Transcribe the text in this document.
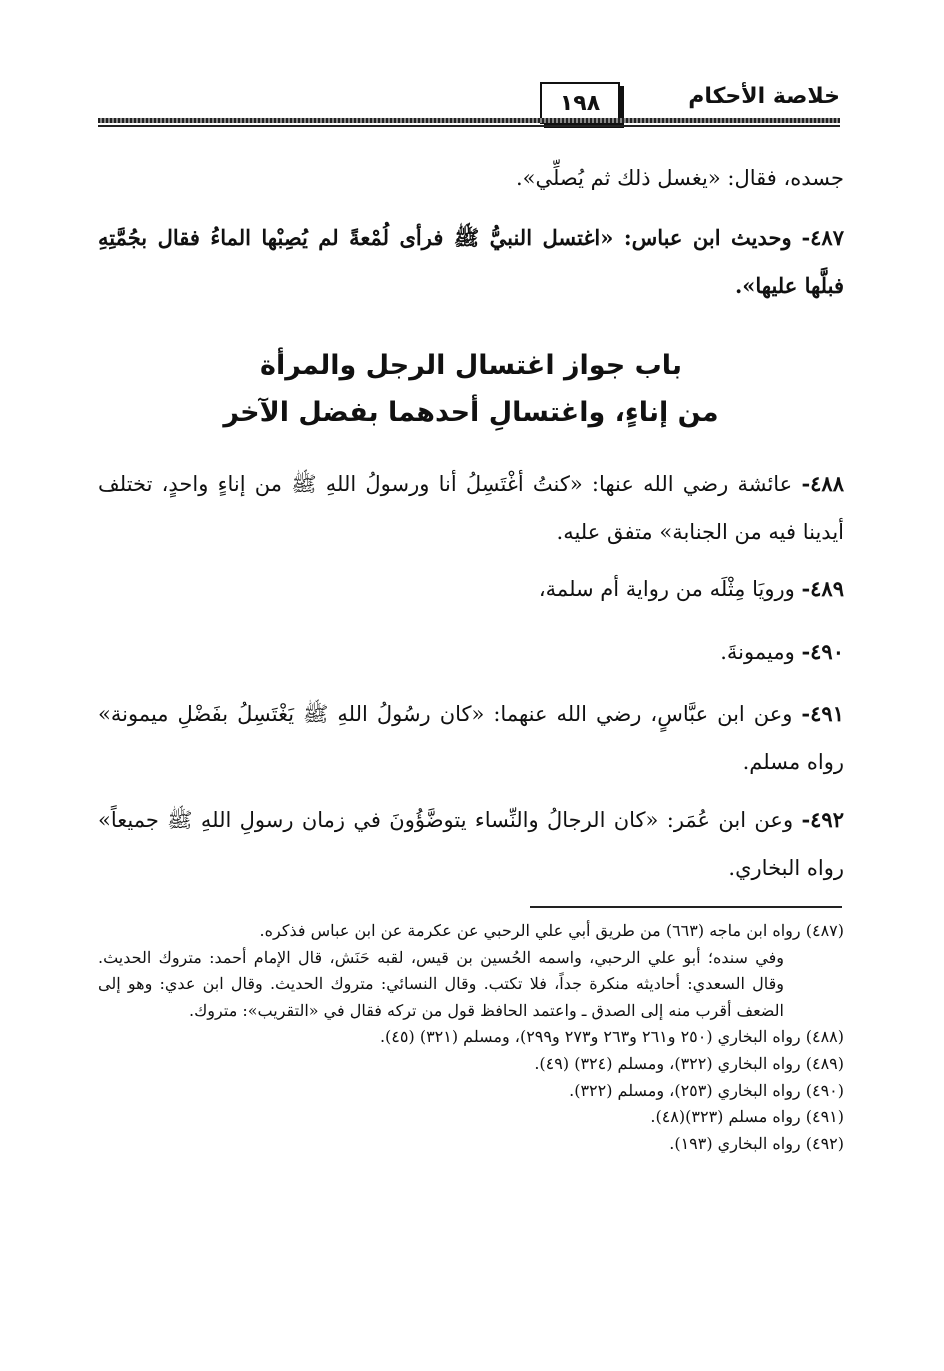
خلاصة الأحكام
١٩٨
جسده، فقال: «يغسل ذلك ثم يُصلِّي».
٤٨٧- وحديث ابن عباس: «اغتسل النبيُّ ﷺ فرأى لُمْعةً لم يُصِبْها الماءُ فقال بجُمَّتِهِ فبلَّها عليها».
باب جواز اغتسال الرجل والمرأة
من إناءٍ، واغتسالِ أحدهما بفضل الآخر
٤٨٨- عائشة رضي الله عنها: «كنتُ أغْتَسِلُ أنا ورسولُ اللهِ ﷺ من إناءٍ واحدٍ، تختلف أيدينا فيه من الجنابة» متفق عليه.
٤٨٩- ورويَا مِثْلَه من رواية أم سلمة،
٤٩٠- وميمونةَ.
٤٩١- وعن ابن عبَّاسٍ، رضي الله عنهما: «كان رسُولُ اللهِ ﷺ يَغْتَسِلُ بفَضْلِ ميمونة» رواه مسلم.
٤٩٢- وعن ابن عُمَر: «كان الرجالُ والنِّساء يتوضَّؤُونَ في زمان رسولِ اللهِ ﷺ جميعاً» رواه البخاري.

(٤٨٧) رواه ابن ماجه (٦٦٣) من طريق أبي علي الرحبي عن عكرمة عن ابن عباس فذكره.

وفي سنده؛ أبو علي الرحبي، واسمه الحُسين بن قيس، لقبه حَنَش، قال الإمام أحمد: متروك الحديث. وقال السعدي: أحاديثه منكرة جداً، فلا تكتب. وقال النسائي: متروك الحديث. وقال ابن عدي: وهو إلى الضعف أقرب منه إلى الصدق ـ واعتمد الحافظ قول من تركه فقال في «التقريب»: متروك.

(٤٨٨) رواه البخاري (٢٥٠ و٢٦١ و٢٦٣ و٢٧٣ و٢٩٩)، ومسلم (٣٢١) (٤٥).

(٤٨٩) رواه البخاري (٣٢٢)، ومسلم (٣٢٤) (٤٩).

(٤٩٠) رواه البخاري (٢٥٣)، ومسلم (٣٢٢).

(٤٩١) رواه مسلم (٣٢٣)(٤٨).

(٤٩٢) رواه البخاري (١٩٣).
